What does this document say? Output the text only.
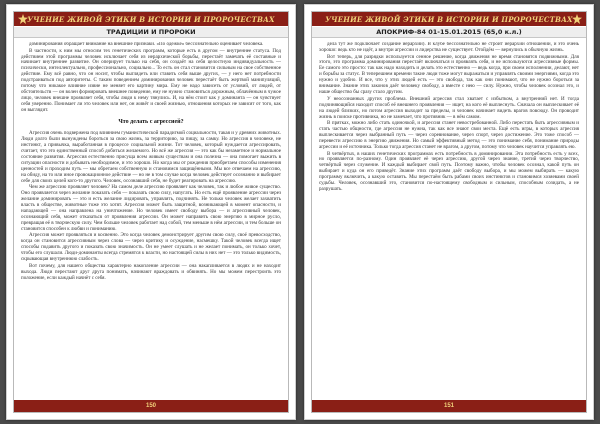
УЧЕНИЕ ЖИВОЙ ЭТИКИ В ИСТОРИИ И ПРОРОЧЕСТВАХ
ТРАДИЦИИ И ПРОРОКИ

доминирования обращает внимание на внешние признаки. «По одёжке» бессознательно оценивает человека.

В частности, к ним мы относим тех генетических программ, которые есть в другом — внутреннее статуса. Под действием этой программы человек исключает себя из иерархической борьбы, перестаёт замечать её составные и начинает внутреннее развитие. Он оперирует только на себя, он создаёт на себя целостную индивидуальность — психически, интеллектуально, профессионально, социально... То есть он стал становится сильным на свое собственное действие. Ему всё равно, что он носит, чтобы выглядеть или ставить себя выше других, — у него нет потребности подстраиваться под авторитеты. С таким поведением доминирования человек перестаёт быть жертвой манипуляций, потому что никакое влияние извне не меняет его картину мира. Ему не надо зависеть от условий, от людей, от обстоятельств — он волен формировать внешнее поведение, ему не нужно становиться дорожным, облачённым в чужое лицо, человек внешне проявляет себя, чтобы люди к нему тянулись. И, на нём стоит как у доминанта — он чувствует себя уверенно. Понимает ли это человек или нет, он живёт и своей жизнью, отношения которых не зависят от того, как он выглядит.

Что делать с агрессией?

Агрессия очень подвержена под влиянием гуманистической парадигмой социальности, такая и у древних животных. Люди долго были вынуждены бороться за свою жизнь, за территорию, за пищу, за самку. Но агрессия в человеке, не инстинкт, а привычка, выработанная в процессе социальной жизни. Тот человек, который нуждается агрессировать, считает, что это единственный способ добиться желаемого. Но всё же агрессия — это как бы незаметное и нормальное состояние развития. Агрессия естественно присуща всем живым существам и она полезна — она помогает выжить в ситуации опасности и добывать необходимое, и это хорошо. Но когда мы от рождения приобретаем способы изменения ценностей и проходим путь — мы обретаем собственную и становимся защищёнными. Мы все отвечаем на агрессию, на обиду, на то или иное провокационное действие — но не в том случае когда человек действует осознанно и выбирает себе для своих целей кого-то другого. Человек, осознавший себя, не будет реагировать на агрессию.

Чем же агрессию проявляет человек? На самом деле агрессию проявляет как человек, так и любое живое существо. Оно проявляется через желание показать себя — показать свою силу, напугать. Но есть ещё проявление агрессии через желание доминировать — это и есть желание лидировать, управлять, подчинять. Не только человек желает захватить власть в обществе, животные тоже это хотят. Агрессия может быть защитной, возникающей в момент опасности, и нападающей — она направлена на уничтожение. Но человек имеет свободу выбора — и агрессивный человек, осознающий себя, может отказаться от проявления агрессии. Он может направить свою энергию в мирное русло, превращая её в творческую силу. Чем больше человек работает над собой, тем меньше в нём агрессии, и тем больше он становится способен к любви и пониманию.

Агрессия может проявляться и косвенно. Это когда человек демонстрирует другим свою силу, своё превосходство, когда он становится агрессивным через слова — через критику и осуждение, насмешку. Такой человек всегда ищет способы подавить другого и показать свою значимость. Он не умеет слушать и не желает понимать, он только хочет, чтобы его слушали. Люди-доминанты всегда стремятся к власти, но настоящей силы в них нет — это только видимость, скрывающая внутреннюю слабость.

Вот почему, для нашего общества характерно накопление агрессии — она накапливается в людях и не находит выхода. Люди перестают друг друга понимать, начинают враждовать и обвинять. Но мы можем перестроить это положение, если каждый начнёт с себя.

150
УЧЕНИЕ ЖИВОЙ ЭТИКИ В ИСТОРИИ И ПРОРОЧЕСТВАХ
АПОКРИФ-84 01-15.01.2015 (65,0 к.л.)

дела тут же подключает создание иерархий). В клубе бессознательно не строит иерархии отношений, и это очень хорошо: ведь кто не идёт, а внутри агрессии и лидерства не существует. Отойдём — вернулись в обычную жизнь.

Вот теперь, для разрядки используется сенное решение, когда движения не время становятся подвижными. Для этого, это программа доминирования перестаёт включаться и проявлять себя, и не используются агрессивные формы. Ее самого это просто: так как надо находить и делать это естественно — ведь когда, при своем исполнении, делают, нет и борьбы за статус. В теперешнем времени такие люди тоже могут выражаться и управлять своими энергиями, когда это нужно и удобно. И все, что у этих людей есть — это свобода, так как они понимают, что не нужно бороться за внимание. Знание этих законов даёт человеку свободу, а вместе с нею — силу. Нужно, чтобы человек осознал это, и наше общество бы сразу стало другим.

У неосознанных других проблема. Внешний агрессия стал хватает с избытком, а внутренний нет. И тогда подчиняющийся находит способ её внешнего проявления — ищет, на кого её выплеснуть. Сначала он выплескивает её на людей близких, но потом агрессия выходит за пределы, и человек начинает видеть врагов повсюду. Он проводит жизнь в поиске противника, но не замечает, что противник — в нём самом.

В прятках, можно либо стать одиночкой, и агрессия станет невостребованной. Либо перестать быть агрессивным и стать частью общности, где агрессия не нужна, так как все знают свои места. Ещё есть игры, в которых агрессия выплескивается через выбранный путь — через соревнование, через спорт, через достижение. Это тоже способ — перевести агрессию в энергию движения. Но самый эффективный метод — это понимание себя, понимание природы агрессии и её источника. Только тогда агрессия станет не врагом, а другом, потому что человек научится управлять ею.

В четвёртых, в наших генетических программах есть потребность в доминировании. Эта потребность есть у всех, но проявляется по-разному. Один проявляет её через агрессию, другой через знание, третий через творчество, четвёртый через служение. И каждый выбирает свой путь. Поэтому важно, чтобы человек осознал, какой путь он выбирает и куда он его приведёт. Знание этих программ даёт свободу выбора, и мы можем выбирать — какую программу включить, а какую оставить. Мы перестаём быть рабами своих инстинктов и становимся хозяевами своей судьбы. Человек, осознавший это, становится по-настоящему свободным и сильным, способным созидать, а не разрушать.

151
